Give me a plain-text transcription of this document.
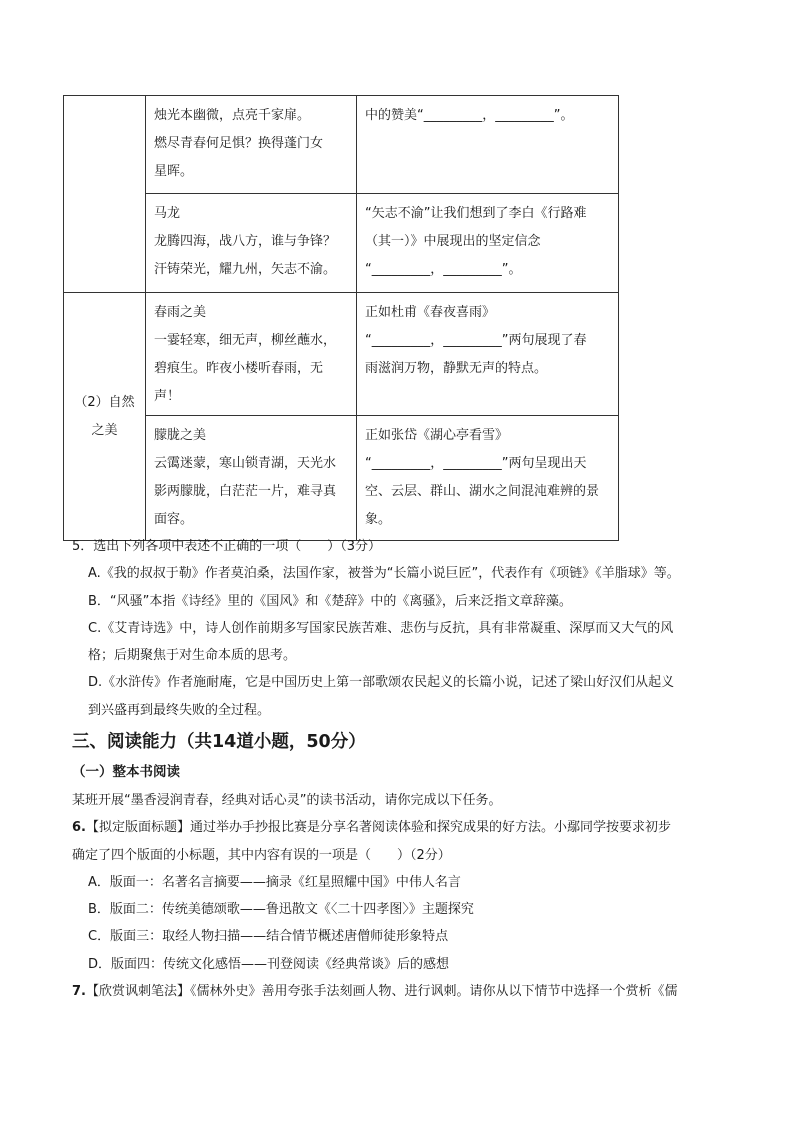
	烛光本幽微，点亮千家扉。
燃尽青春何足惧？换得蓬门女
星晖。	中的赞美“_________，_________”。

	马龙
龙腾四海，战八方，谁与争锋？
汗铸荣光，耀九州，矢志不渝。	“矢志不渝”让我们想到了李白《行路难
（其一）》中展现出的坚定信念
“_________，_________”。

（2）自然
之美	春雨之美
一霎轻寒，细无声，柳丝蘸水，
碧痕生。昨夜小楼听春雨，无声！	正如杜甫《春夜喜雨》
“_________，_________”两句展现了春
雨滋润万物，静默无声的特点。

	朦胧之美
云霭迷蒙，寒山锁青湖，天光水
影两朦胧，白茫茫一片，难寻真
面容。	正如张岱《湖心亭看雪》
“_________，_________”两句呈现出天
空、云层、群山、湖水之间混沌难辨的景
象。
5．选出下列各项中表述不正确的一项（　　）（3分）
A.《我的叔叔于勒》作者莫泊桑，法国作家，被誉为“长篇小说巨匠”，代表作有《项链》《羊脂球》等。
B．“风骚”本指《诗经》里的《国风》和《楚辞》中的《离骚》，后来泛指文章辞藻。
C.《艾青诗选》中，诗人创作前期多写国家民族苦难、悲伤与反抗，具有非常凝重、深厚而又大气的风
格；后期聚焦于对生命本质的思考。
D.《水浒传》作者施耐庵，它是中国历史上第一部歌颂农民起义的长篇小说，记述了梁山好汉们从起义
到兴盛再到最终失败的全过程。
三、阅读能力（共14道小题，50分）
（一）整本书阅读
某班开展“墨香浸润青春，经典对话心灵”的读书活动，请你完成以下任务。
6.【拟定版面标题】通过举办手抄报比赛是分享名著阅读体验和探究成果的好方法。小鄢同学按要求初步
确定了四个版面的小标题，其中内容有误的一项是（　　）（2分）
A．版面一：名著名言摘要——摘录《红星照耀中国》中伟人名言
B．版面二：传统美德颂歌——鲁迅散文《〈二十四孝图〉》主题探究
C．版面三：取经人物扫描——结合情节概述唐僧师徒形象特点
D．版面四：传统文化感悟——刊登阅读《经典常谈》后的感想
7.【欣赏讽刺笔法】《儒林外史》善用夸张手法刻画人物、进行讽刺。请你从以下情节中选择一个赏析《儒
